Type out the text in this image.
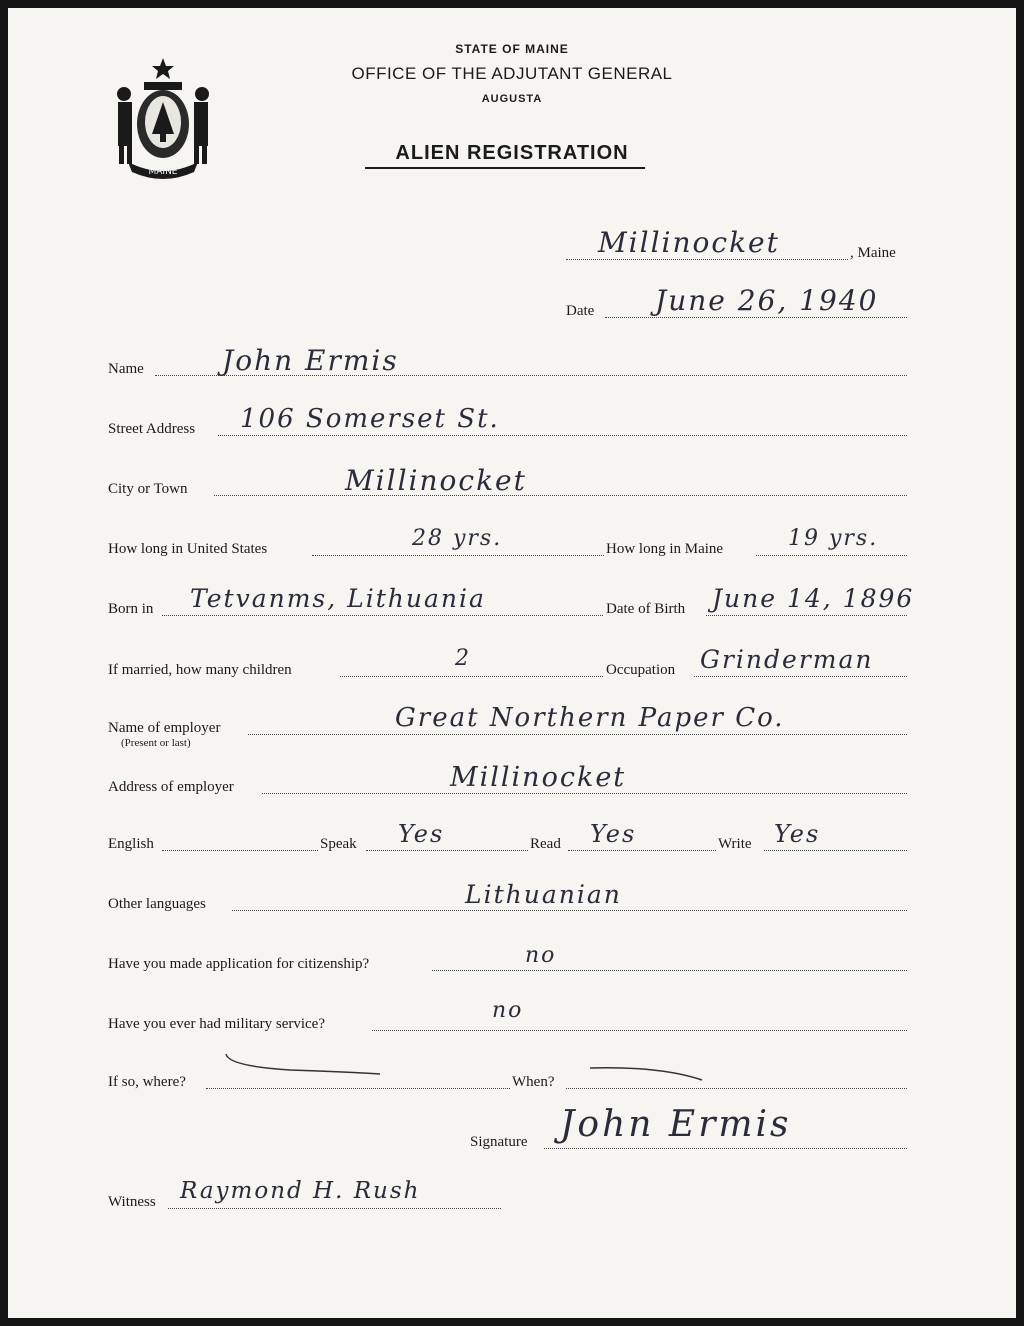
MAINE
STATE OF MAINE
OFFICE OF THE ADJUTANT GENERAL
AUGUSTA
ALIEN REGISTRATION
Millinocket	, Maine
Date June 26, 1940
Name	John Ermis
Street Address 106 Somerset St.
City or Town	Millinocket
How long in United States	28 yrs.	How long in Maine	19 yrs.
Born in Tetvanms, Lithuania	Date of Birth June 14, 1896
If married, how many children	2	Occupation Grinderman
Name of employer
(Present or last)
Great Northern Paper Co.
Address of employer	Millinocket
English	Speak Yes	Read Yes	Write Yes
Other languages	Lithuanian
Have you made application for citizenship?	no
Have you ever had military service?
no
If so, where?	When?
Signature John Ermis
Witness Raymond H. Rush
